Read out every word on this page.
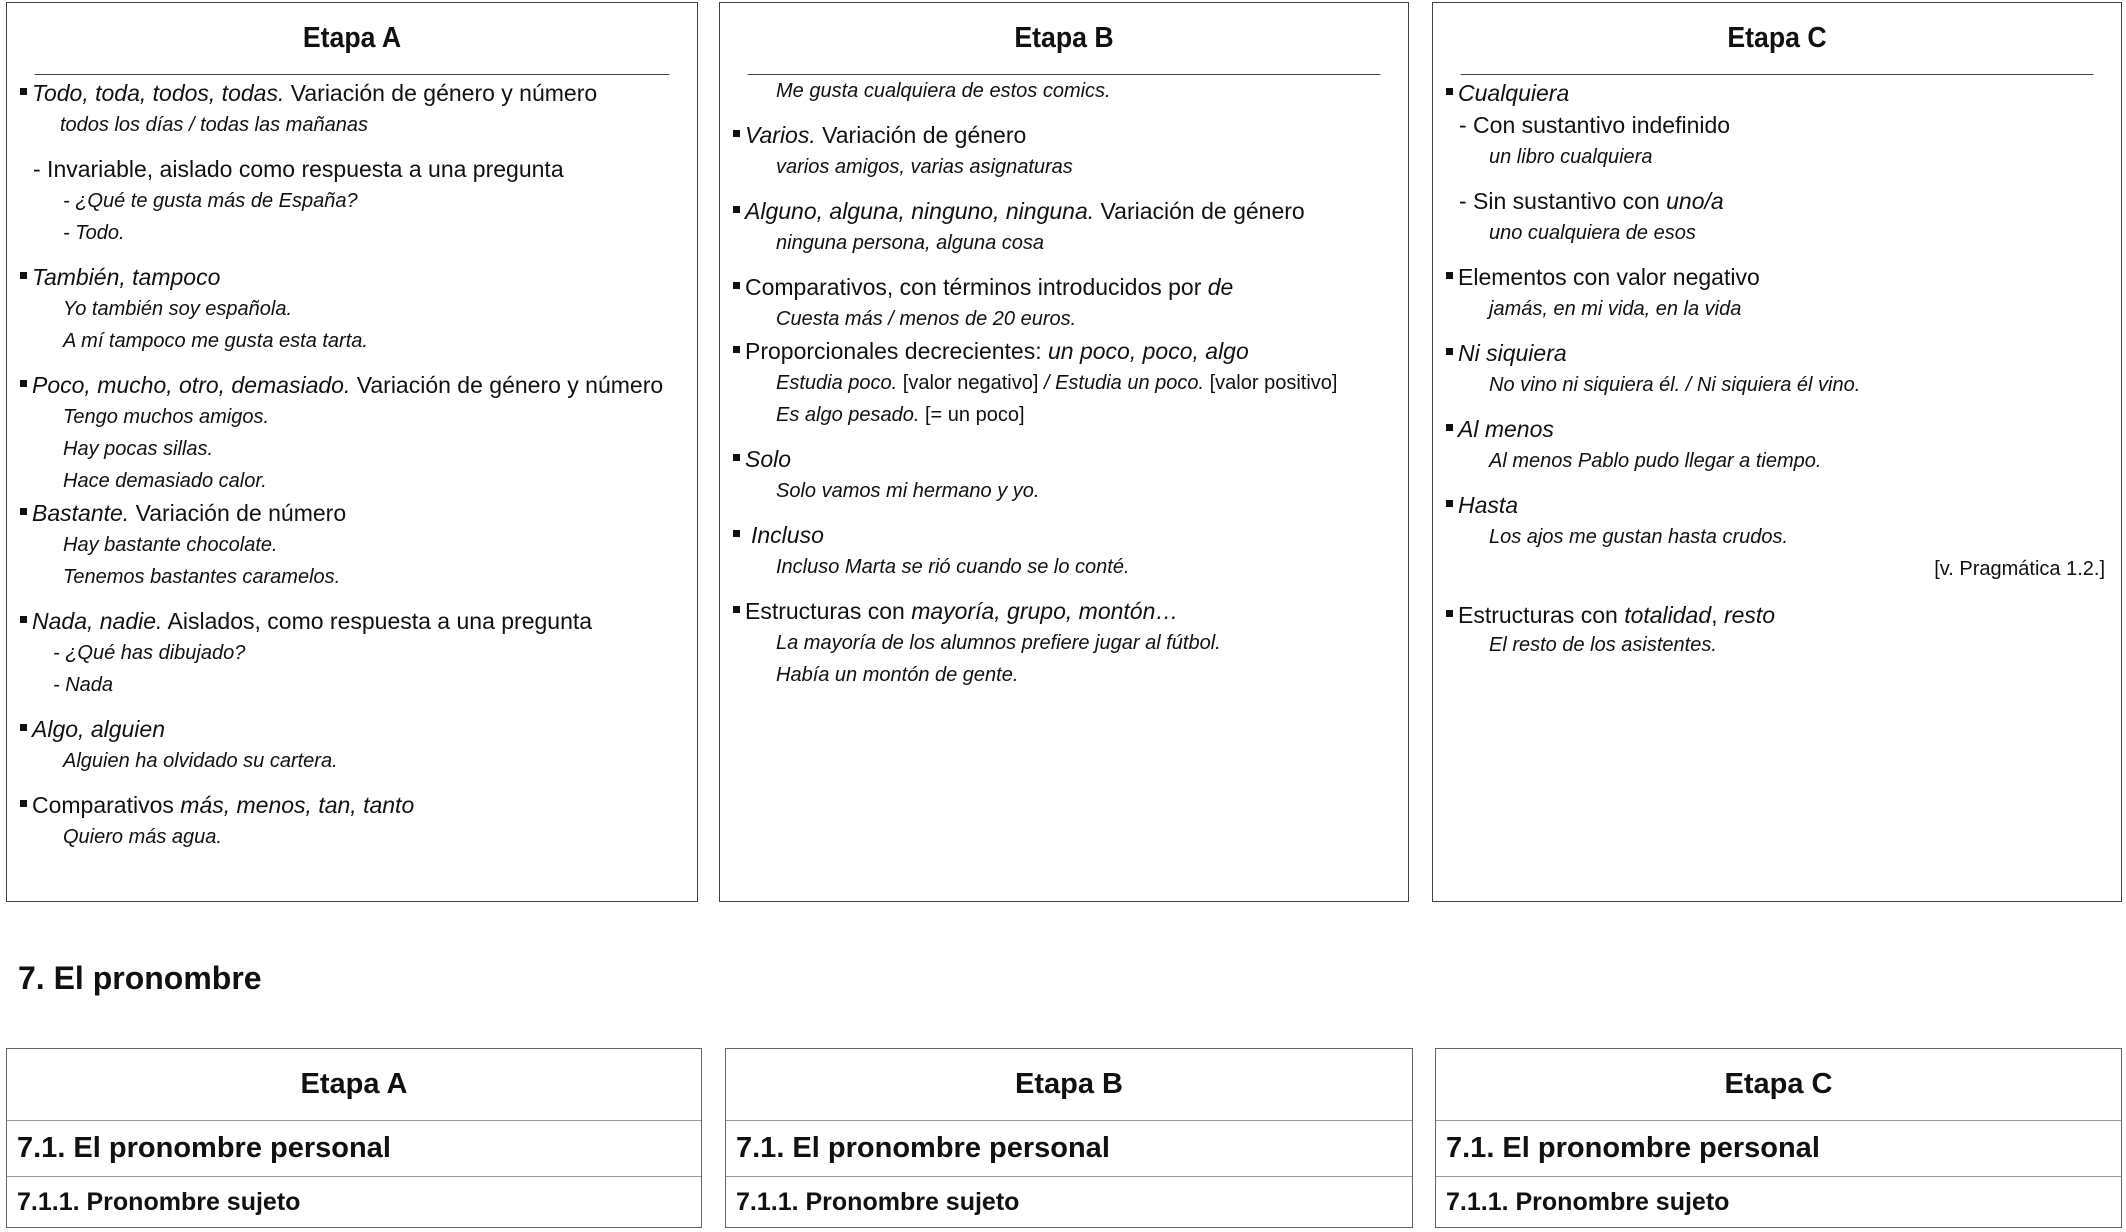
Etapa A
Todo, toda, todos, todas. Variación de género y número
todos los días / todas las mañanas
- Invariable, aislado como respuesta a una pregunta
- ¿Qué te gusta más de España?
- Todo.
También, tampoco
Yo también soy española.
A mí tampoco me gusta esta tarta.
Poco, mucho, otro, demasiado. Variación de género y número
Tengo muchos amigos.
Hay pocas sillas.
Hace demasiado calor.
Bastante. Variación de número
Hay bastante chocolate.
Tenemos bastantes caramelos.
Nada, nadie. Aislados, como respuesta a una pregunta
- ¿Qué has dibujado?
- Nada
Algo, alguien
Alguien ha olvidado su cartera.
Comparativos más, menos, tan, tanto
Quiero más agua.
Etapa B
Me gusta cualquiera de estos comics.
Varios. Variación de género
varios amigos, varias asignaturas
Alguno, alguna, ninguno, ninguna. Variación de género
ninguna persona, alguna cosa
Comparativos, con términos introducidos por de
Cuesta más / menos de 20 euros.
Proporcionales decrecientes: un poco, poco, algo
Estudia poco. [valor negativo] / Estudia un poco. [valor positivo]
Es algo pesado. [= un poco]
Solo
Solo vamos mi hermano y yo.
Incluso
Incluso Marta se rió cuando se lo conté.
Estructuras con mayoría, grupo, montón…
La mayoría de los alumnos prefiere jugar al fútbol.
Había un montón de gente.
Etapa C
Cualquiera
- Con sustantivo indefinido
un libro cualquiera
- Sin sustantivo con uno/a
uno cualquiera de esos
Elementos con valor negativo
jamás, en mi vida, en la vida
Ni siquiera
No vino ni siquiera él. / Ni siquiera él vino.
Al menos
Al menos Pablo pudo llegar a tiempo.
Hasta
Los ajos me gustan hasta crudos.
[v. Pragmática 1.2.]
Estructuras con totalidad, resto
El resto de los asistentes.
7. El pronombre
Etapa A
7.1. El pronombre personal
7.1.1. Pronombre sujeto
Etapa B
7.1. El pronombre personal
7.1.1. Pronombre sujeto
Etapa C
7.1. El pronombre personal
7.1.1. Pronombre sujeto
